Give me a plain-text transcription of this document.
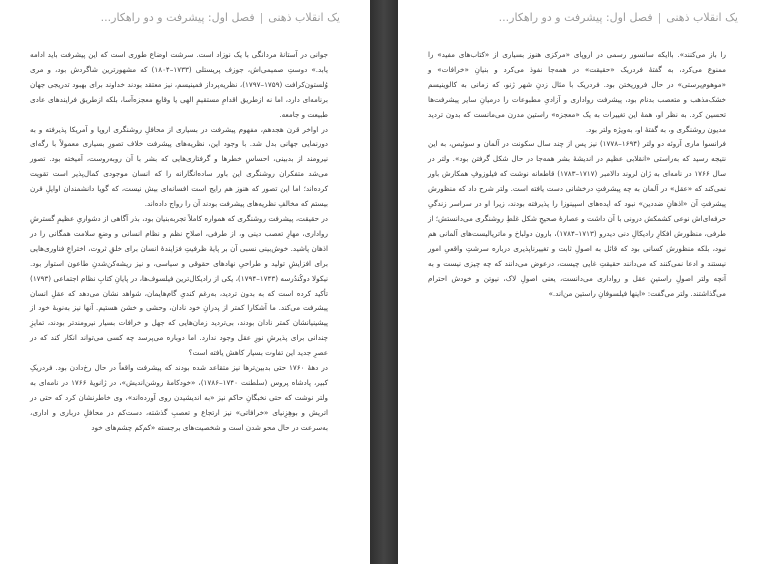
یک انقلاب ذهنی|فصل اول: پیشرفت و دو راهکار...

جوانی در آستانهٔ مردانگی با یک نوزاد است. سرشت اوضاع طوری است که این پیشرفت باید ادامه یابد.» دوستِ صمیمی‌اش، جوزف پریستلی (۱۷۳۳–۱۸۰۴) که مشهورترین شاگردش بود، و مری وُلستون‌کرافت (۱۷۵۹–۱۷۹۷)، نظریه‌پرداز فمینیسم، نیز معتقد بودند خداوند برای بهبود تدریجی جهان برنامه‌ای دارد، اما نه ازطریق اقدامِ مستقیمِ الهی یا وقایعِ معجزه‌آسا، بلکه ازطریق فرایندهای عادی طبیعت و جامعه.

در اواخر قرن هجدهم، مفهوم پیشرفت در بسیاری از محافلِ روشنگری اروپا و آمریکا پذیرفته و به دورنمایی جهانی بدل شد. با وجود این، نظریه‌های پیشرفت خلاف تصورِ بسیاری معمولاً با رگه‌ای نیرومند از بدبینی، احساسِ خطرها و گرفتاری‌هایی که بشر با آن روبه‌روست، آمیخته بود. تصور می‌شد متفکران روشنگری این باور ساده‌انگارانه را که انسان موجودی کمال‌پذیر است تقویت کرده‌اند؛ اما این تصور که هنوز هم رایج است افسانه‌ای بیش نیست، که گویا دانشمندان اوایلِ قرن بیستم که مخالفِ نظریه‌های پیشرفت بودند آن را رواج داده‌اند.

در حقیقت، پیشرفت روشنگری که همواره کاملاً تجربه‌بنیان بود، بذر آگاهی از دشواریِ عظیمِ گسترشِ رواداری، مهارِ تعصب دینی و، از طرفی، اصلاحِ نظم و نظام انسانی و وضعِ سلامت همگانی را در اذهان پاشید. خوش‌بینی نسبی آن بر پایهٔ ظرفیتِ فزایندهٔ انسان برای خلقِ ثروت، اختراعِ فناوری‌هایی برای افزایشِ تولید و طراحیِ نهادهای حقوقی و سیاسی، و نیز ریشه‌کن‌شدنِ طاعون استوار بود. نیکولا دوکُندُرسه (۱۷۴۳–۱۷۹۴)، یکی از رادیکال‌ترین فیلسوف‌ها، در پایانِ کتابِ نظام اجتماعی (۱۷۹۳) تأکید کرده است که به بدون تردید، به‌رغم کندیِ گام‌هایمان، شواهد نشان می‌دهد که عقلِ انسان پیشرفت می‌کند. ما آشکارا کمتر از پدرانِ خود نادان، وحشی و خشن هستیم. آنها نیز به‌نوبهٔ خود از پیشینیانشان کمتر نادان بودند، بی‌تردید زمان‌هایی که جهل و خرافات بسیار نیرومندتر بودند، تمایزِ چندانی برای پذیرشِ نورِ عقل وجود ندارد. اما دوباره می‌پرسد چه کسی می‌تواند انکار کند که در عصرِ جدید این تفاوت بسیار کاهش یافته است؟

در دههٔ ۱۷۶۰ حتی بدبین‌ترها نیز متقاعد شده بودند که پیشرفت واقعاً در حال رخ‌دادن بود. فردریکِ کبیر، پادشاه پروس (سلطنت ۱۷۴۰–۱۷۸۶)، «خودکامهٔ روشن‌اندیش»، در ژانویهٔ ۱۷۶۶ در نامه‌ای به ولتر نوشت که حتی نخبگانِ حاکم نیز «به اندیشیدن روی آورده‌اند»، وی خاطرنشان کرد که حتی در اتریش و بوهِزِنیای «خرافاتی» نیز ارتجاع و تعصبِ گذشته، دست‌کم در محافلِ درباری و اداری، به‌سرعت در حال محو شدن است و شخصیت‌های برجسته «کم‌کم چشم‌های خود

یک انقلاب ذهنی|فصل اول: پیشرفت و دو راهکار...

را باز می‌کنند». باایکه سانسور رسمی در اروپای «مرکزی هنوز بسیاری از «کتاب‌های مفید» را ممنوع می‌کرد، به گفتهٔ فردریک «حقیقت» در همه‌جا نفوذ می‌کرد و بنیانِ «خرافات» و «موهوم‌پرستی» در حال فروریختن بود. فردریک با مثال زدنِ شهر ژنو، که زمانی به کالوینیسم خشک‌مذهب و متعصب بدنام بود، پیشرفت رواداری و آزادیِ مطبوعات را درمیانِ سایر پیشرفت‌ها تحسین کرد. به نظر او، همهٔ این تغییرات به یک «معجزه» راستین مدرن می‌مانست که بدون تردید مدیون روشنگری و، به گفتهٔ او، به‌ویژه ولتر بود.

فرانسوا ماری آروئه دو ولتر (۱۶۹۴–۱۷۷۸) نیز پس از چند سال سکونت در آلمان و سوئیس، به این نتیجه رسید که به‌راستی «انقلابی عظیم در اندیشهٔ بشر همه‌جا در حال شکل گرفتن بود». ولتر در سال ۱۷۶۶ در نامه‌ای به ژان لروند دالامبر (۱۷۱۷–۱۷۸۳) قاطعانه نوشت که فیلوزوفِ همکارش باور نمی‌کند که «عقل» در آلمان به چه پیشرفتِ درخشانی دست یافته است. ولتر شرح داد که منظورش پیشرفتِ آن «اذهانِ ضددین» نبود که ایده‌های اسپینوزا را پذیرفته بودند، زیرا او در سراسر زندگیِ حرفه‌ای‌اش نوعی کشمکش درونی با آن داشت و عصارهٔ صحیحِ شکل غلطِ روشنگری می‌دانستش؛ از طرفی، منظورش افکارِ رادیکالِ دنی دیدرو (۱۷۱۳–۱۷۸۴)، بارون دولباخ و ماتریالیست‌های آلمانی هم نبود، بلکه منظورش کسانی بود که قائل به اصولِ ثابت و تغییرناپذیری درباره سرشتِ واقعیِ امور نیستند و ادعا نمی‌کنند که می‌دانند حقیقتِ غایی چیست، درعوض می‌دانند که چه چیزی نیست و به آنچه ولتر اصولِ راستینِ عقل و رواداری می‌دانست، یعنی اصولِ لاک، نیوتن و خودش احترام می‌گذاشتند. ولتر می‌گفت: «اینها فیلسوفانِ راستین من‌اند.»
